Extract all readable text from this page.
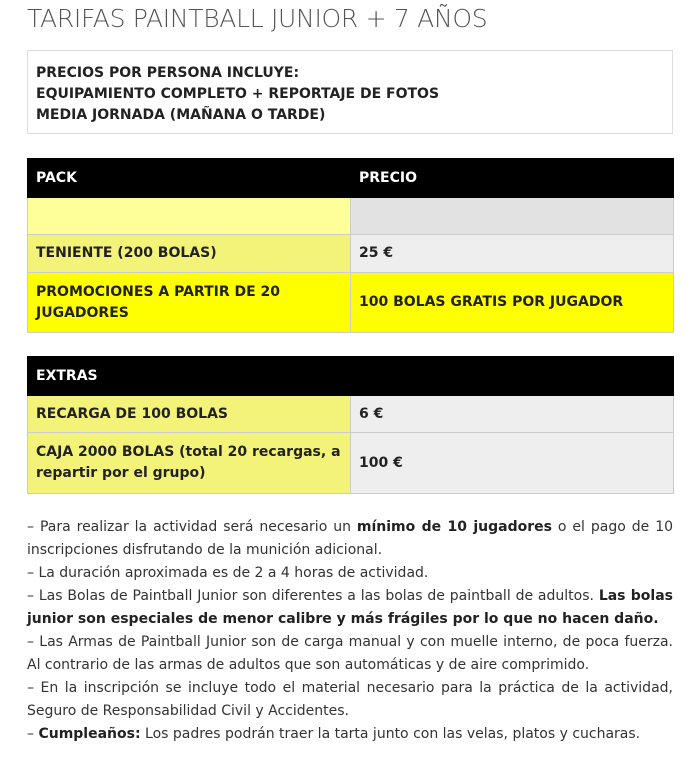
TARIFAS PAINTBALL JUNIOR + 7 AÑOS
PRECIOS POR PERSONA INCLUYE:
EQUIPAMIENTO COMPLETO + REPORTAJE DE FOTOS
MEDIA JORNADA (MAÑANA O TARDE)
PACK	PRECIO

TENIENTE (200 BOLAS)	25 €
PROMOCIONES A PARTIR DE 20 JUGADORES	100 BOLAS GRATIS POR JUGADOR
EXTRAS	
RECARGA DE 100 BOLAS	6 €
CAJA 2000 BOLAS (total 20 recargas, a repartir por el grupo)	100 €

– Para realizar la actividad será necesario un mínimo de 10 jugadores o el pago de 10 inscripciones disfrutando de la munición adicional.

– La duración aproximada es de 2 a 4 horas de actividad.

– Las Bolas de Paintball Junior son diferentes a las bolas de paintball de adultos. Las bolas junior son especiales de menor calibre y más frágiles por lo que no hacen daño.

– Las Armas de Paintball Junior son de carga manual y con muelle interno, de poca fuerza. Al contrario de las armas de adultos que son automáticas y de aire comprimido.

– En la inscripción se incluye todo el material necesario para la práctica de la actividad, Seguro de Responsabilidad Civil y Accidentes.

– Cumpleaños: Los padres podrán traer la tarta junto con las velas, platos y cucharas.
